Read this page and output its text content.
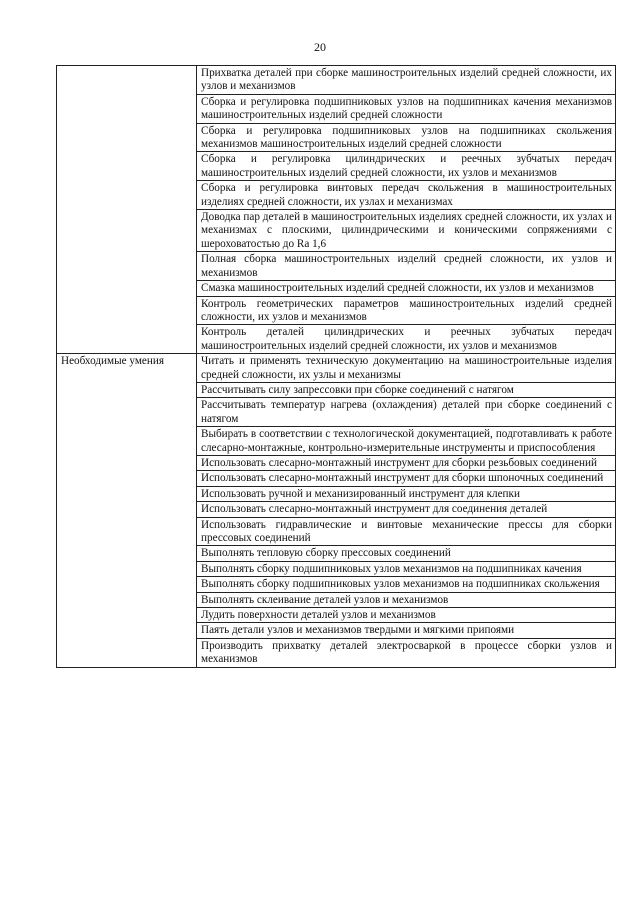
20
	Прихватка деталей при сборке машиностроительных изделий средней сложности, их узлов и механизмов
	Сборка и регулировка подшипниковых узлов на подшипниках качения механизмов машиностроительных изделий средней сложности
	Сборка и регулировка подшипниковых узлов на подшипниках скольжения механизмов машиностроительных изделий средней сложности
	Сборка и регулировка цилиндрических и реечных зубчатых передач машиностроительных изделий средней сложности, их узлов и механизмов
	Сборка и регулировка винтовых передач скольжения в машиностроительных изделиях средней сложности, их узлах и механизмах
	Доводка пар деталей в машиностроительных изделиях средней сложности, их узлах и механизмах с плоскими, цилиндрическими и коническими сопряжениями с шероховатостью до Ra 1,6
	Полная сборка машиностроительных изделий средней сложности, их узлов и механизмов
	Смазка машиностроительных изделий средней сложности, их узлов и механизмов
	Контроль геометрических параметров машиностроительных изделий средней сложности, их узлов и механизмов
	Контроль деталей цилиндрических и реечных зубчатых передач машиностроительных изделий средней сложности, их узлов и механизмов
Необходимые умения	Читать и применять техническую документацию на машиностроительные изделия средней сложности, их узлы и механизмы
	Рассчитывать силу запрессовки при сборке соединений с натягом
	Рассчитывать температур нагрева (охлаждения) деталей при сборке соединений с натягом
	Выбирать в соответствии с технологической документацией, подготавливать к работе слесарно-монтажные, контрольно-измерительные инструменты и приспособления
	Использовать слесарно-монтажный инструмент для сборки резьбовых соединений
	Использовать слесарно-монтажный инструмент для сборки шпоночных соединений
	Использовать ручной и механизированный инструмент для клепки
	Использовать слесарно-монтажный инструмент для соединения деталей
	Использовать гидравлические и винтовые механические прессы для сборки прессовых соединений
	Выполнять тепловую сборку прессовых соединений
	Выполнять сборку подшипниковых узлов механизмов на подшипниках качения
	Выполнять сборку подшипниковых узлов механизмов на подшипниках скольжения
	Выполнять склеивание деталей узлов и механизмов
	Лудить поверхности деталей узлов и механизмов
	Паять детали узлов и механизмов твердыми и мягкими припоями
	Производить прихватку деталей электросваркой в процессе сборки узлов и механизмов
